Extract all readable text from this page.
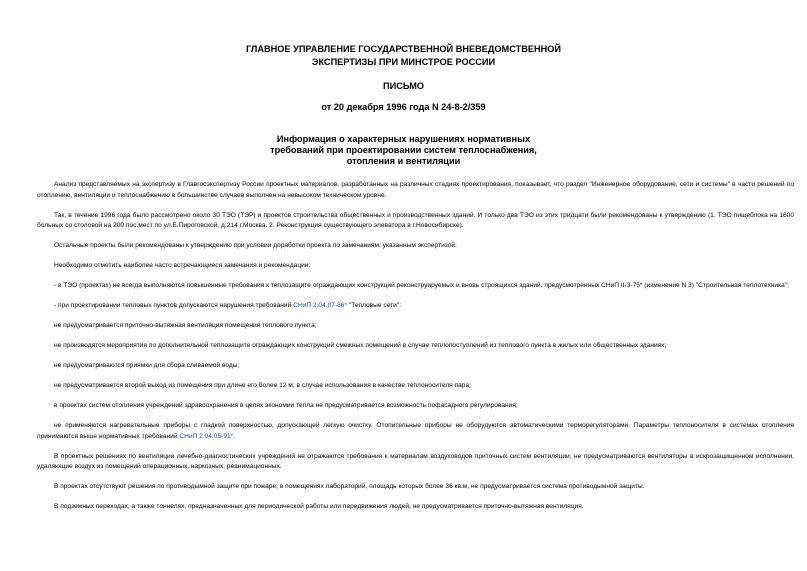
ГЛАВНОЕ УПРАВЛЕНИЕ ГОСУДАРСТВЕННОЙ ВНЕВЕДОМСТВЕННОЙ
ЭКСПЕРТИЗЫ ПРИ МИНСТРОЕ РОССИИ
ПИСЬМО
от 20 декабря 1996 года N 24-8-2/359
Информация о характерных нарушениях нормативных
требований при проектировании систем теплоснабжения,
отопления и вентиляции

Анализ представляемых на экспертизу в Главгосэкспертизу России проектных материалов, разработанных на различных стадиях проектирования, показывает, что раздел "Инженерное оборудование, сети и системы" в части решений по отоплению, вентиляции и теплоснабжению в большинстве случаев выполнен на невысоком техническом уровне.

Так, в течение 1996 года было рассмотрено около 30 ТЭО (ТЭР) и проектов строительства общественных и производственных зданий. И только два ТЭО из этих тридцати были рекомендованы к утверждению (1. ТЭО пищеблока на 1600 больных со столовой на 200 пос.мест по ул.Б.Пироговской, д.214 г.Москва. 2. Реконструкция существующего элеватора в г.Новосибирске).

Остальные проекты были рекомендованы к утверждению при условии доработки проекта по замечаниям, указанным экспертизой.

Необходимо отметить наиболее часто встречающиеся замечания и рекомендации:

- в ТЭО (проектах) не всегда выполняются повышенные требования к теплозащите ограждающих конструкций реконструируемых и вновь строящихся зданий, предусмотренных СНиП II-3-75* (изменение N 3) "Строительная теплотехника";

- при проектировании тепловых пунктов допускаются нарушения требований СНиП 2.04.07-86* "Тепловые сети":

не предусматривается приточно-вытяжная вентиляция помещения теплового пункта;

не производятся мероприятия по дополнительной теплозащите ограждающих конструкций смежных помещений в случае теплопоступлений из теплового пункта в жилых или общественных зданиях;

не предусматриваются приямки для сбора сливаемой воды;

не предусматривается второй выход из помещения при длине его более 12 м, в случае использования в качестве теплоносителя пара;

в проектах систем отопления учреждений здравоохранения в целях экономии тепла не предусматривается возможность пофасадного регулирования;

не применяются нагревательные приборы с гладкой поверхностью, допускающей легкую очистку. Отопительные приборы не оборудуются автоматическими терморегуляторами. Параметры теплоносителя в системах отопления принимаются выше нормативных требований СНиП 2.04.05-91*.

В проектных решениях по вентиляции лечебно-диагностических учреждений не отражаются требования к материалам воздуховодов приточных систем вентиляции; не предусматриваются вентиляторы в искрозащищенном исполнении, удаляющие воздух из помещений операционных, наркозных, реанимационных.

В проектах отсутствуют решения по противодымной защите при пожаре; в помещениях лабораторий, площадь которых более 36 кв.м, не предусматривается система противодымной защиты.

В подземных переходах, а также тоннелях, предназначенных для периодической работы или передвижения людей, не предусматривается приточно-вытяжная вентиляция.
